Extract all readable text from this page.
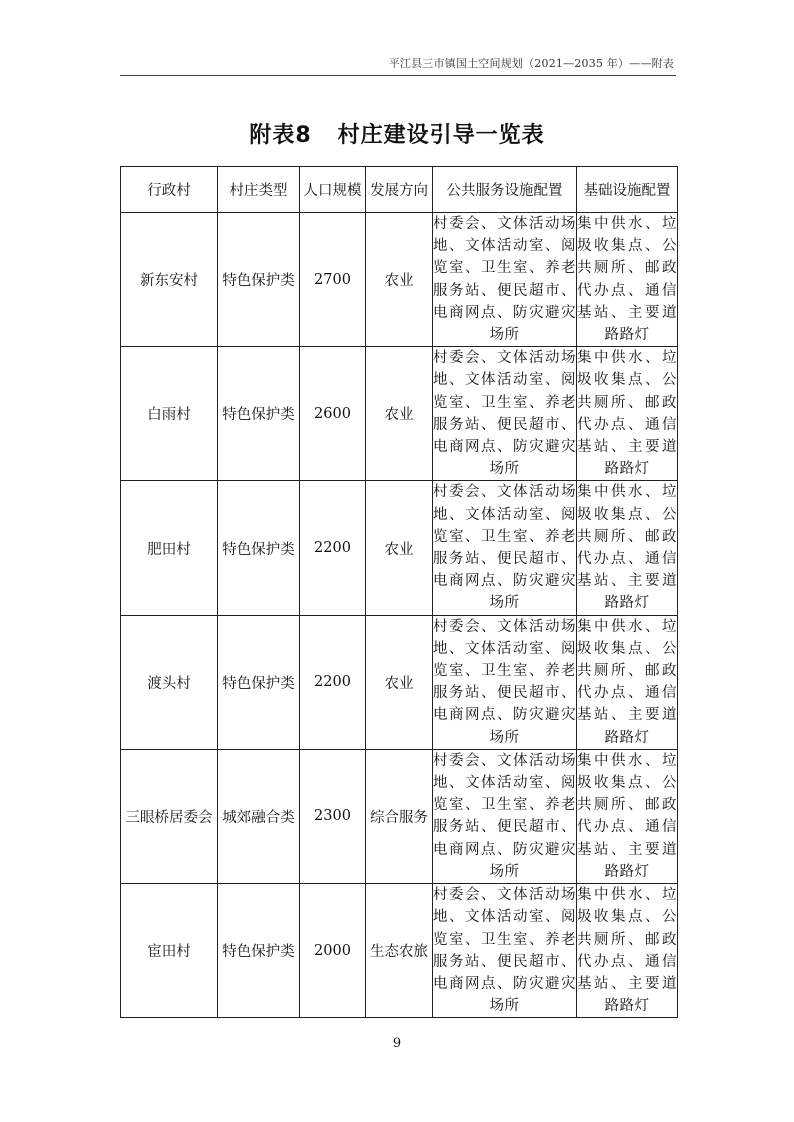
平江县三市镇国土空间规划（2021—2035 年）——附表
附表8 村庄建设引导一览表
行政村	村庄类型	人口规模	发展方向	公共服务设施配置	基础设施配置
新东安村	特色保护类	2700	农业	村委会、文体活动场地、文体活动室、阅览室、卫生室、养老服务站、便民超市、电商网点、防灾避灾场所	集中供水、垃圾收集点、公共厕所、邮政代办点、通信基站、主要道路路灯
白雨村	特色保护类	2600	农业	村委会、文体活动场地、文体活动室、阅览室、卫生室、养老服务站、便民超市、电商网点、防灾避灾场所	集中供水、垃圾收集点、公共厕所、邮政代办点、通信基站、主要道路路灯
肥田村	特色保护类	2200	农业	村委会、文体活动场地、文体活动室、阅览室、卫生室、养老服务站、便民超市、电商网点、防灾避灾场所	集中供水、垃圾收集点、公共厕所、邮政代办点、通信基站、主要道路路灯
渡头村	特色保护类	2200	农业	村委会、文体活动场地、文体活动室、阅览室、卫生室、养老服务站、便民超市、电商网点、防灾避灾场所	集中供水、垃圾收集点、公共厕所、邮政代办点、通信基站、主要道路路灯
三眼桥居委会	城郊融合类	2300	综合服务	村委会、文体活动场地、文体活动室、阅览室、卫生室、养老服务站、便民超市、电商网点、防灾避灾场所	集中供水、垃圾收集点、公共厕所、邮政代办点、通信基站、主要道路路灯
宦田村	特色保护类	2000	生态农旅	村委会、文体活动场地、文体活动室、阅览室、卫生室、养老服务站、便民超市、电商网点、防灾避灾场所	集中供水、垃圾收集点、公共厕所、邮政代办点、通信基站、主要道路路灯
9
